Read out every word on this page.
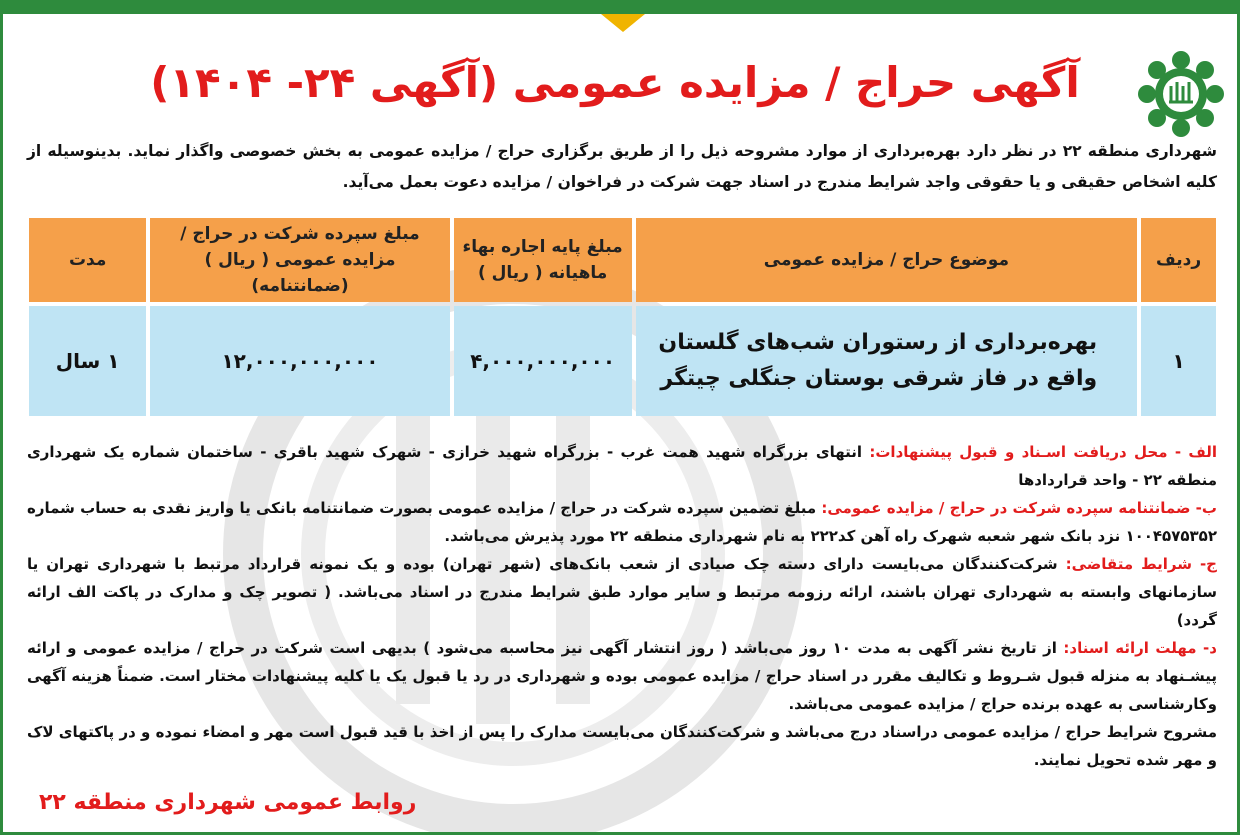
آگهی حراج / مزایده عمومی (آگهی ۲۴- ۱۴۰۴)
شهرداری منطقه ۲۲ در نظر دارد بهره‌برداری از موارد مشروحه ذیل را از طریق برگزاری حراج / مزایده عمومی به بخش خصوصی واگذار نماید. بدینوسیله از کلیه اشخاص حقیقی و یا حقوقی واجد شرایط مندرج در اسناد جهت شرکت در فراخوان / مزایده دعوت بعمل می‌آید.
ردیف	موضوع حراج / مزایده عمومی	مبلغ پایه اجاره بهاء ماهیانه ( ریال )	مبلغ سپرده شرکت در حراج / مزایده عمومی ( ریال ) (ضمانتنامه)	مدت
۱	بهره‌برداری از رستوران شب‌های گلستان
واقع در فاز شرقی بوستان جنگلی چیتگر	۴,۰۰۰,۰۰۰,۰۰۰	۱۲,۰۰۰,۰۰۰,۰۰۰	۱ سال

الف - محل دریافت اسـناد و قبول پیشنهادات: انتهای بزرگراه شهید همت غرب - بزرگراه شهید خرازی - شهرک شهید باقری - ساختمان شماره یک شهرداری منطقه ۲۲ - واحد قراردادها

ب- ضمانتنامه سپرده شرکت در حراج / مزایده عمومی: مبلغ تضمین سپرده شرکت در حراج / مزایده عمومی بصورت ضمانتنامه بانکی یا واریز نقدی به حساب شماره ۱۰۰۴۵۷۵۳۵۲ نزد بانک شهر شعبه شهرک راه آهن کد۲۲۲ به نام شهرداری منطقه ۲۲ مورد پذیرش می‌باشد.

ج- شرایط متقاضی: شرکت‌کنندگان می‌بایست دارای دسته چک صیادی از شعب بانک‌های (شهر تهران) بوده و یک نمونه قرارداد مرتبط با شهرداری تهران یا سازمانهای وابسته به شهرداری تهران باشند، ارائه رزومه مرتبط و سایر موارد طبق شرایط مندرج در اسناد می‌باشد. ( تصویر چک و مدارک در پاکت الف ارائه گردد)

د- مهلت ارائه اسناد: از تاریخ نشر آگهی به مدت ۱۰ روز می‌باشد ( روز انتشار آگهی نیز محاسبه می‌شود ) بدیهی است شرکت در حراج / مزایده عمومی و ارائه پیشـنهاد به منزله قبول شـروط و تکالیف مقرر در اسناد حراج / مزایده عمومی بوده و شهرداری در رد یا قبول یک یا کلیه پیشنهادات مختار است. ضمناً هزینه آگهی وکارشناسی به عهده برنده حراج / مزایده عمومی می‌باشد.

مشروح شرایط حراج / مزایده عمومی دراسناد درج می‌باشد و شرکت‌کنندگان می‌بایست مدارک را پس از اخذ با قید قبول است مهر و امضاء نموده و در پاکتهای لاک و مهر شده تحویل نمایند.

روابط عمومی شهرداری منطقه ۲۲
